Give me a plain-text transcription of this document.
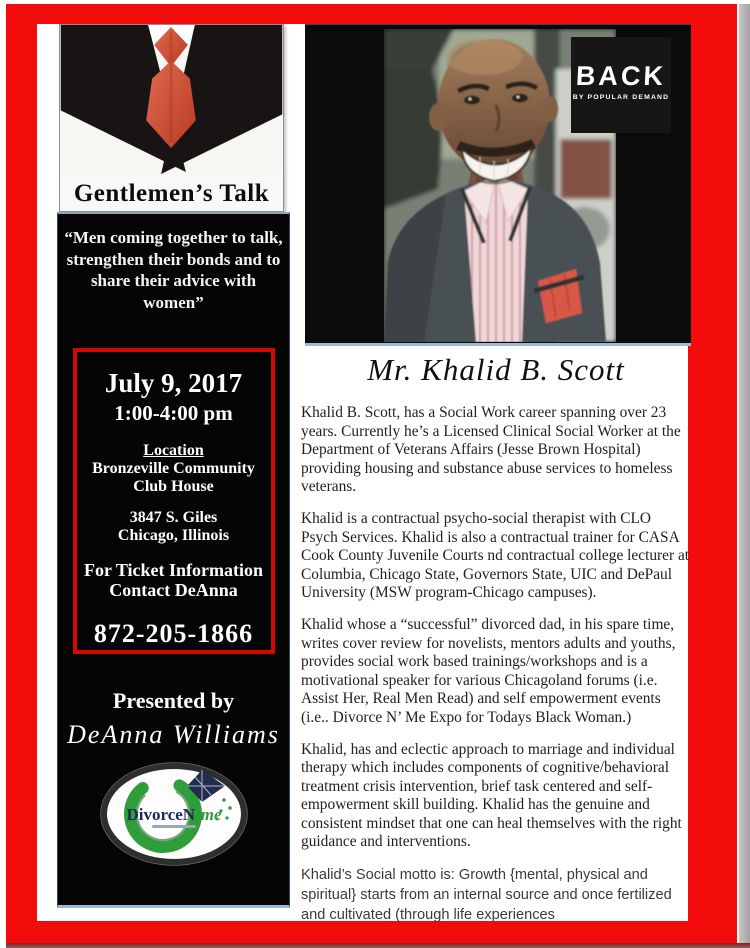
Gentlemen’s Talk
“Men coming together to talk,
strengthen their bonds and to
share their advice with
women”
July 9, 2017
1:00-4:00 pm
Location
Bronzeville Community
Club House
3847 S. Giles
Chicago, Illinois
For Ticket Information
Contact DeAnna
872-205-1866
Presented by
DeAnna Williams
DivorceN’me
BACK
BY POPULAR DEMAND
Mr. Khalid B. Scott

Khalid B. Scott, has a Social Work career spanning over 23 years. Currently he’s a Licensed Clinical Social Worker at the Department of Veterans Affairs (Jesse Brown Hospital) providing housing and substance abuse services to homeless veterans.

Khalid is a contractual psycho-social therapist with CLO Psych Services. Khalid is also a contractual trainer for CASA Cook County Juvenile Courts nd contractual college lecturer at Columbia, Chicago State, Governors State, UIC and DePaul University (MSW program-Chicago campuses).

Khalid whose a “successful” divorced dad, in his spare time, writes cover review for novelists, mentors adults and youths, provides social work based trainings/workshops and is a motivational speaker for various Chicagoland forums (i.e. Assist Her, Real Men Read) and self empowerment events (i.e.. Divorce N’ Me Expo for Todays Black Woman.)

Khalid, has and eclectic approach to marriage and individual therapy which includes components of cognitive/behavioral treatment crisis intervention, brief task centered and self-empowerment skill building. Khalid has the genuine and consistent mindset that one can heal themselves with the right guidance and interventions.

Khalid’s Social motto is: Growth {mental, physical and spiritual} starts from an internal source and once fertilized and cultivated (through life experiences
